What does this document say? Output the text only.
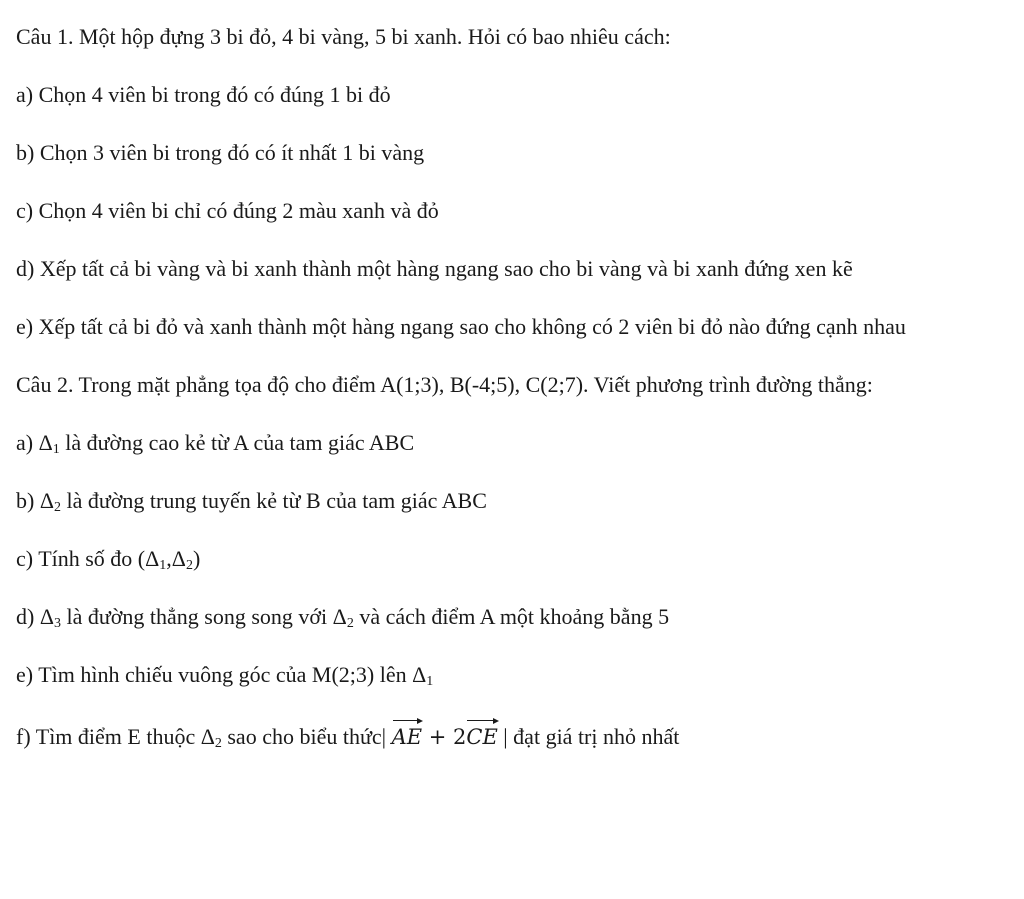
Câu 1. Một hộp đựng 3 bi đỏ, 4 bi vàng, 5 bi xanh. Hỏi có bao nhiêu cách:

a) Chọn 4 viên bi trong đó có đúng 1 bi đỏ

b) Chọn 3 viên bi trong đó có ít nhất 1 bi vàng

c) Chọn 4 viên bi chỉ có đúng 2 màu xanh và đỏ

d) Xếp tất cả bi vàng và bi xanh thành một hàng ngang sao cho bi vàng và bi xanh đứng xen kẽ

e) Xếp tất cả bi đỏ và xanh thành một hàng ngang sao cho không có 2 viên bi đỏ nào đứng cạnh nhau

Câu 2. Trong mặt phẳng tọa độ cho điểm A(1;3), B(-4;5), C(2;7). Viết phương trình đường thẳng:

a) $\Delta_1$ là đường cao kẻ từ A của tam giác ABC

b) $\Delta_2$ là đường trung tuyến kẻ từ B của tam giác ABC

c) Tính số đo $(\Delta_1,\Delta_2)$

d) $\Delta_3$ là đường thẳng song song với $\Delta_2$ và cách điểm A một khoảng bằng 5

e) Tìm hình chiếu vuông góc của M(2;3) lên $\Delta_1$

f) Tìm điểm E thuộc $\Delta_2$ sao cho biểu thức| AE + 2CE | đạt giá trị nhỏ nhất
